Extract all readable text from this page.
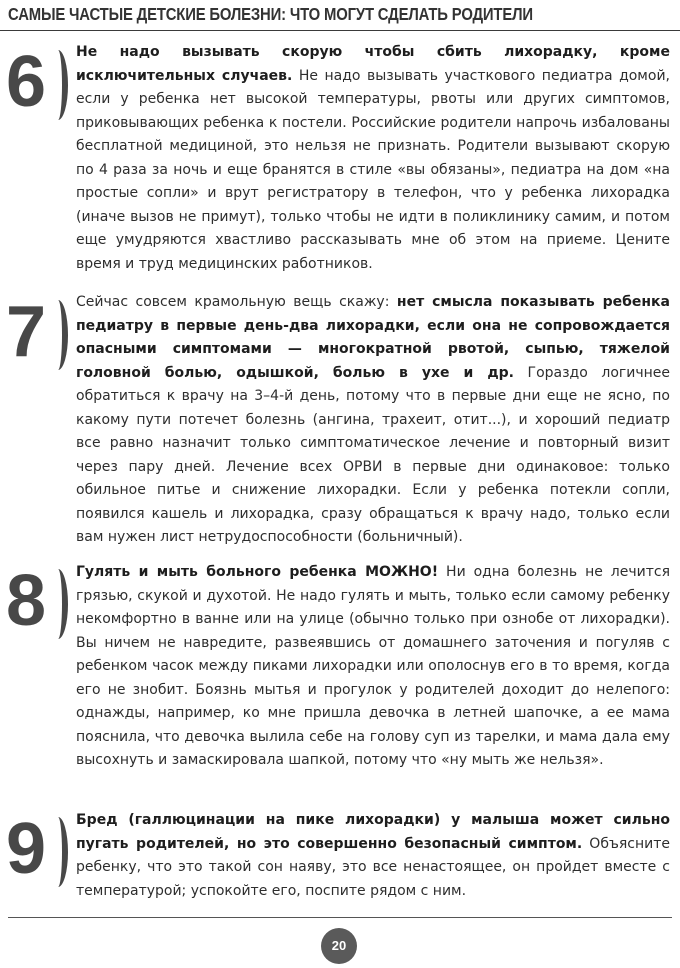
САМЫЕ ЧАСТЫЕ ДЕТСКИЕ БОЛЕЗНИ: ЧТО МОГУТ СДЕЛАТЬ РОДИТЕЛИ
6 Не надо вызывать скорую чтобы сбить лихорадку, кроме исключительных случаев. Не надо вызывать участкового педиатра домой, если у ребенка нет высокой температуры, рвоты или других симптомов, приковывающих ребенка к постели. Российские родители напрочь избалованы бесплатной медициной, это нельзя не признать. Родители вызывают скорую по 4 раза за ночь и еще бранятся в стиле «вы обязаны», педиатра на дом «на простые сопли» и врут регистратору в телефон, что у ребенка лихорадка (иначе вызов не примут), только чтобы не идти в поликлинику самим, и потом еще умудряются хвастливо рассказывать мне об этом на приеме. Цените время и труд медицинских работников.
7 Сейчас совсем крамольную вещь скажу: нет смысла показывать ребенка педиатру в первые день-два лихорадки, если она не сопровождается опасными симптомами — многократной рвотой, сыпью, тяжелой головной болью, одышкой, болью в ухе и др. Гораздо логичнее обратиться к врачу на 3–4-й день, потому что в первые дни еще не ясно, по какому пути потечет болезнь (ангина, трахеит, отит...), и хороший педиатр все равно назначит только симптоматическое лечение и повторный визит через пару дней. Лечение всех ОРВИ в первые дни одинаковое: только обильное питье и снижение лихорадки. Если у ребенка потекли сопли, появился кашель и лихорадка, сразу обращаться к врачу надо, только если вам нужен лист нетрудоспособности (больничный).
8 Гулять и мыть больного ребенка МОЖНО! Ни одна болезнь не лечится грязью, скукой и духотой. Не надо гулять и мыть, только если самому ребенку некомфортно в ванне или на улице (обычно только при ознобе от лихорадки). Вы ничем не навредите, развеявшись от домашнего заточения и погуляв с ребенком часок между пиками лихорадки или ополоснув его в то время, когда его не знобит. Боязнь мытья и прогулок у родителей доходит до нелепого: однажды, например, ко мне пришла девочка в летней шапочке, а ее мама пояснила, что девочка вылила себе на голову суп из тарелки, и мама дала ему высохнуть и замаскировала шапкой, потому что «ну мыть же нельзя».
9 Бред (галлюцинации на пике лихорадки) у малыша может сильно пугать родителей, но это совершенно безопасный симптом. Объясните ребенку, что это такой сон наяву, это все ненастоящее, он пройдет вместе с температурой; успокойте его, поспите рядом с ним.
20
